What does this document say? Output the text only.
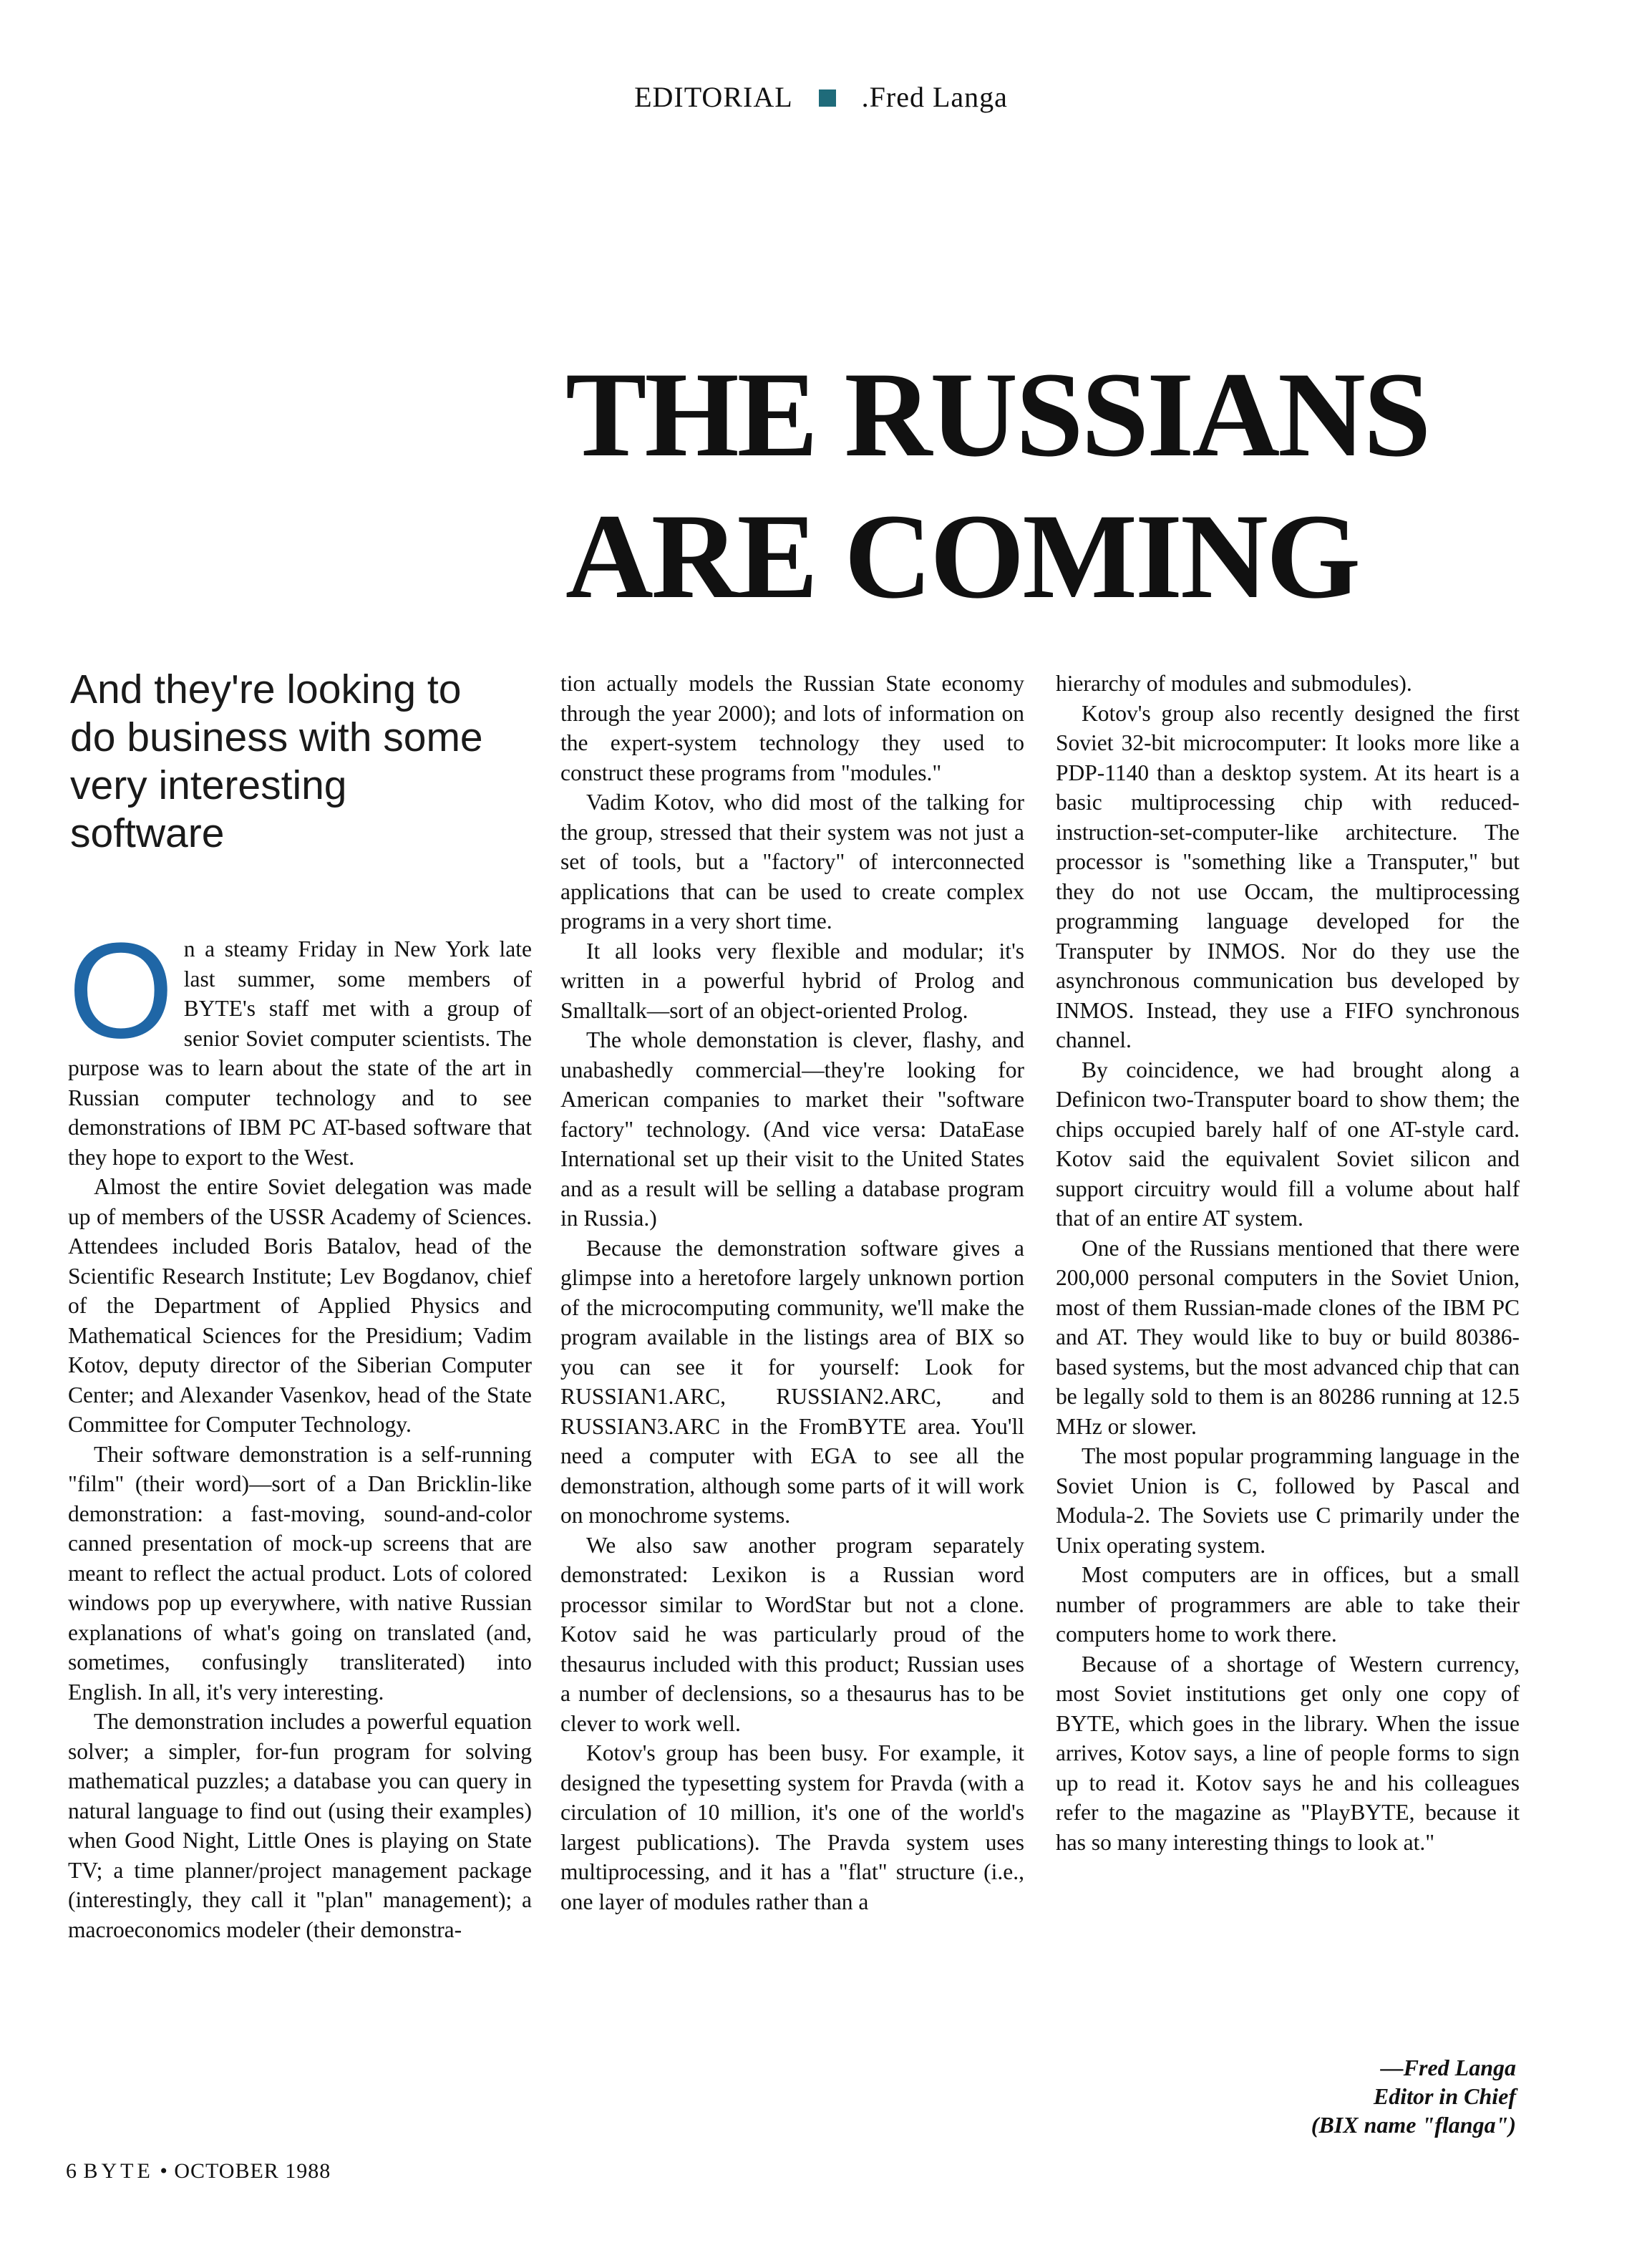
EDITORIAL .Fred Langa
THE RUSSIANS
ARE COMING
And they're looking to do business with some very interesting software

On a steamy Friday in New York late last summer, some members of BYTE's staff met with a group of senior Soviet computer scientists. The purpose was to learn about the state of the art in Russian computer technology and to see demonstrations of IBM PC AT-based software that they hope to export to the West.

Almost the entire Soviet delegation was made up of members of the USSR Academy of Sciences. Attendees included Boris Batalov, head of the Scientific Research Institute; Lev Bogdanov, chief of the Department of Applied Physics and Mathematical Sciences for the Presidium; Vadim Kotov, deputy director of the Siberian Computer Center; and Alexander Vasenkov, head of the State Committee for Computer Technology.

Their software demonstration is a self-running "film" (their word)—sort of a Dan Bricklin-like demonstration: a fast-moving, sound-and-color canned presentation of mock-up screens that are meant to reflect the actual product. Lots of colored windows pop up everywhere, with native Russian explanations of what's going on translated (and, sometimes, confusingly transliterated) into English. In all, it's very interesting.

The demonstration includes a powerful equation solver; a simpler, for-fun program for solving mathematical puzzles; a database you can query in natural language to find out (using their examples) when Good Night, Little Ones is playing on State TV; a time planner/project management package (interestingly, they call it "plan" management); a macroeconomics modeler (their demonstra-

tion actually models the Russian State economy through the year 2000); and lots of information on the expert-system technology they used to construct these programs from "modules."

Vadim Kotov, who did most of the talking for the group, stressed that their system was not just a set of tools, but a "factory" of interconnected applications that can be used to create complex programs in a very short time.

It all looks very flexible and modular; it's written in a powerful hybrid of Prolog and Smalltalk—sort of an object-oriented Prolog.

The whole demonstation is clever, flashy, and unabashedly commercial—they're looking for American companies to market their "software factory" technology. (And vice versa: DataEase International set up their visit to the United States and as a result will be selling a database program in Russia.)

Because the demonstration software gives a glimpse into a heretofore largely unknown portion of the microcomputing community, we'll make the program available in the listings area of BIX so you can see it for yourself: Look for RUSSIAN1.ARC, RUSSIAN2.ARC, and RUSSIAN3.ARC in the FromBYTE area. You'll need a computer with EGA to see all the demonstration, although some parts of it will work on monochrome systems.

We also saw another program separately demonstrated: Lexikon is a Russian word processor similar to WordStar but not a clone. Kotov said he was particularly proud of the thesaurus included with this product; Russian uses a number of declensions, so a thesaurus has to be clever to work well.

Kotov's group has been busy. For example, it designed the typesetting system for Pravda (with a circulation of 10 million, it's one of the world's largest publications). The Pravda system uses multiprocessing, and it has a "flat" structure (i.e., one layer of modules rather than a

hierarchy of modules and submodules).

Kotov's group also recently designed the first Soviet 32-bit microcomputer: It looks more like a PDP-1140 than a desktop system. At its heart is a basic multiprocessing chip with reduced-instruction-set-computer-like architecture. The processor is "something like a Transputer," but they do not use Occam, the multiprocessing programming language developed for the Transputer by INMOS. Nor do they use the asynchronous communication bus developed by INMOS. Instead, they use a FIFO synchronous channel.

By coincidence, we had brought along a Definicon two-Transputer board to show them; the chips occupied barely half of one AT-style card. Kotov said the equivalent Soviet silicon and support circuitry would fill a volume about half that of an entire AT system.

One of the Russians mentioned that there were 200,000 personal computers in the Soviet Union, most of them Russian-made clones of the IBM PC and AT. They would like to buy or build 80386-based systems, but the most advanced chip that can be legally sold to them is an 80286 running at 12.5 MHz or slower.

The most popular programming language in the Soviet Union is C, followed by Pascal and Modula-2. The Soviets use C primarily under the Unix operating system.

Most computers are in offices, but a small number of programmers are able to take their computers home to work there.

Because of a shortage of Western currency, most Soviet institutions get only one copy of BYTE, which goes in the library. When the issue arrives, Kotov says, a line of people forms to sign up to read it. Kotov says he and his colleagues refer to the magazine as "PlayBYTE, because it has so many interesting things to look at."

—Fred Langa
Editor in Chief
(BIX name "flanga")
6 BYTE • OCTOBER 1988
